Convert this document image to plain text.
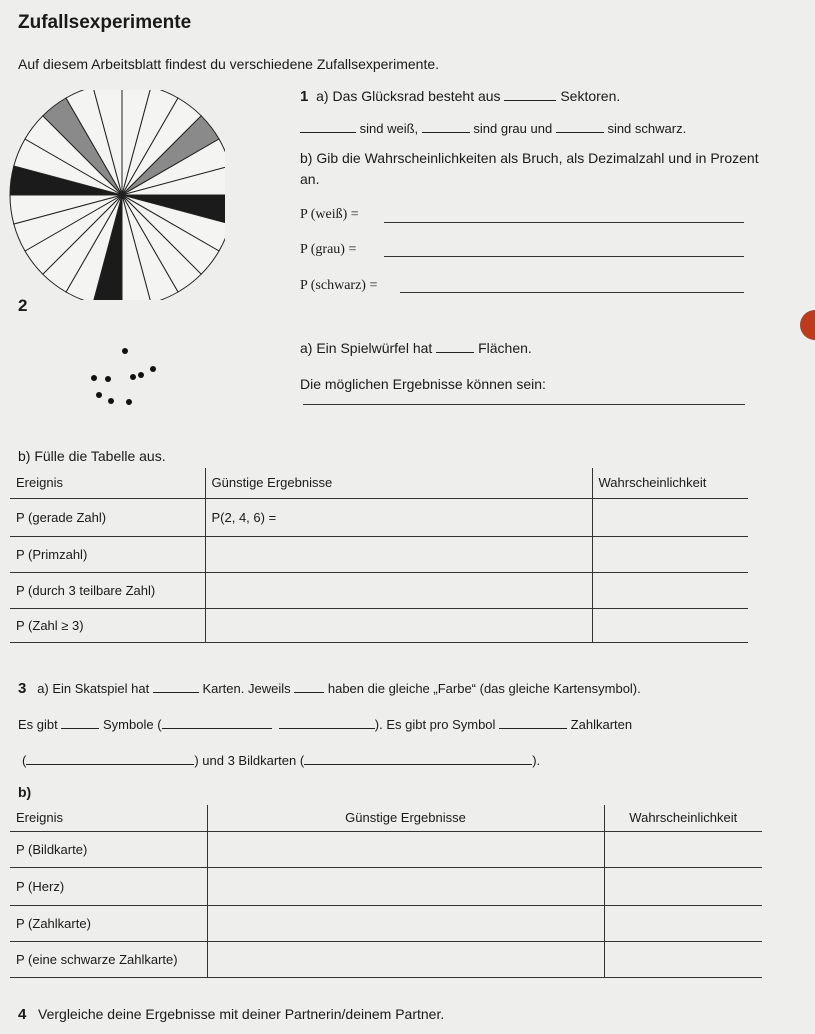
Zufallsexperimente
Auf diesem Arbeitsblatt findest du verschiedene Zufallsexperimente.
1 a) Das Glücksrad besteht aus	Sektoren.
sind weiß,	sind grau und	sind schwarz.
b) Gib die Wahrscheinlichkeiten als Bruch, als Dezimalzahl und in Prozent an.
P (weiß) =
P (grau) =
P (schwarz) =
2
a) Ein Spielwürfel hat	Flächen.
Die möglichen Ergebnisse können sein:
b) Fülle die Tabelle aus.
Ereignis	Günstige Ergebnisse	Wahrscheinlichkeit
P (gerade Zahl)	P(2, 4, 6) =	
P (Primzahl)		
P (durch 3 teilbare Zahl)		
P (Zahl ≥ 3)		
3 a) Ein Skatspiel hat	Karten. Jeweils	haben die gleiche „Farbe“ (das gleiche Kartensymbol).
Es gibt	Symbole (	). Es gibt pro Symbol	Zahlkarten
(	) und 3 Bildkarten (	).
b)
Ereignis	Günstige Ergebnisse	Wahrscheinlichkeit
P (Bildkarte)		
P (Herz)		
P (Zahlkarte)		
P (eine schwarze Zahlkarte)		
4 Vergleiche deine Ergebnisse mit deiner Partnerin/deinem Partner.
